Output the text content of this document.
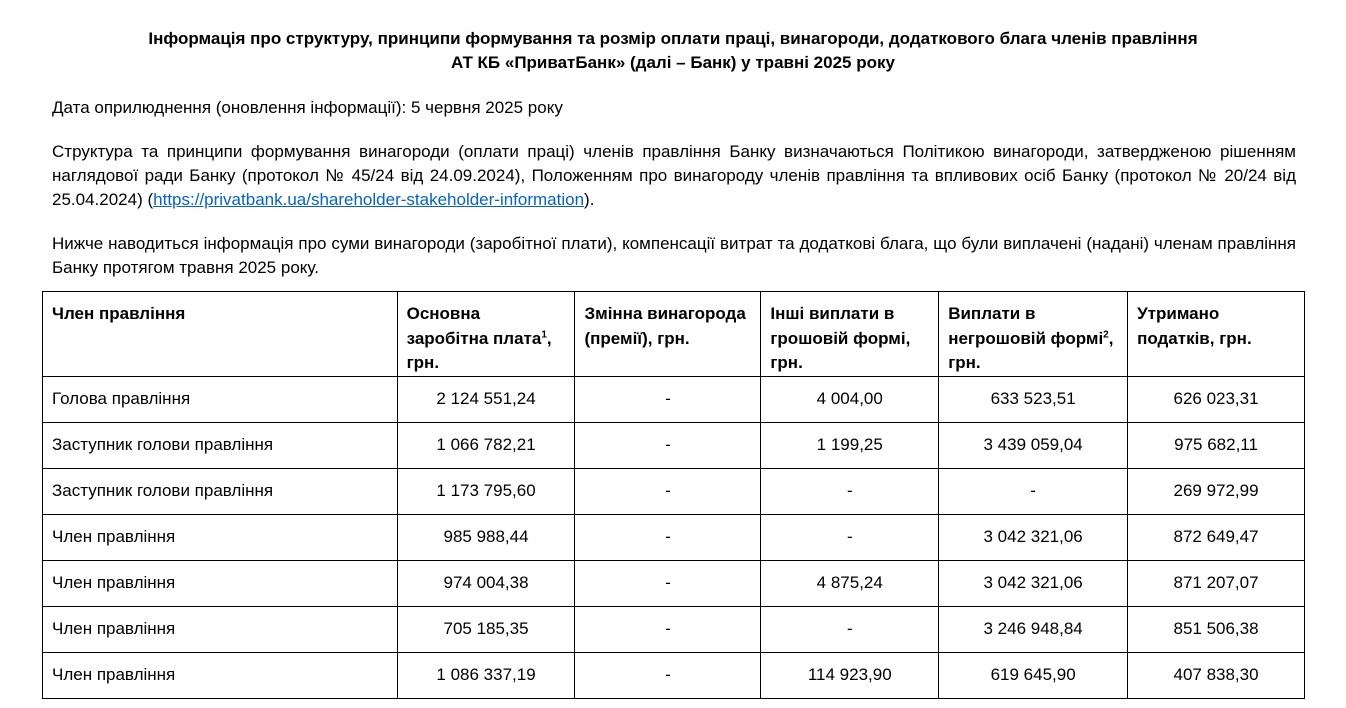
Інформація про структуру, принципи формування та розмір оплати праці, винагороди, додаткового блага членів правління
АТ КБ «ПриватБанк» (далі – Банк) у травні 2025 року
Дата оприлюднення (оновлення інформації): 5 червня 2025 року
Структура та принципи формування винагороди (оплати праці) членів правління Банку визначаються Політикою винагороди, затвердженою рішенням наглядової ради Банку (протокол № 45/24 від 24.09.2024), Положенням про винагороду членів правління та впливових осіб Банку (протокол № 20/24 від 25.04.2024) (https://privatbank.ua/shareholder-stakeholder-information).
Нижче наводиться інформація про суми винагороди (заробітної плати), компенсації витрат та додаткові блага, що були виплачені (надані) членам правління Банку протягом травня 2025 року.
Член правління	Основна заробітна плата$^1$, грн.	Змінна винагорода (премії), грн.	Інші виплати в грошовій формі, грн.	Виплати в негрошовій формі$^2$, грн.	Утримано податків, грн.
Голова правління	2 124 551,24	-	4 004,00	633 523,51	626 023,31
Заступник голови правління	1 066 782,21	-	1 199,25	3 439 059,04	975 682,11
Заступник голови правління	1 173 795,60	-	-	-	269 972,99
Член правління	985 988,44	-	-	3 042 321,06	872 649,47
Член правління	974 004,38	-	4 875,24	3 042 321,06	871 207,07
Член правління	705 185,35	-	-	3 246 948,84	851 506,38
Член правління	1 086 337,19	-	114 923,90	619 645,90	407 838,30
